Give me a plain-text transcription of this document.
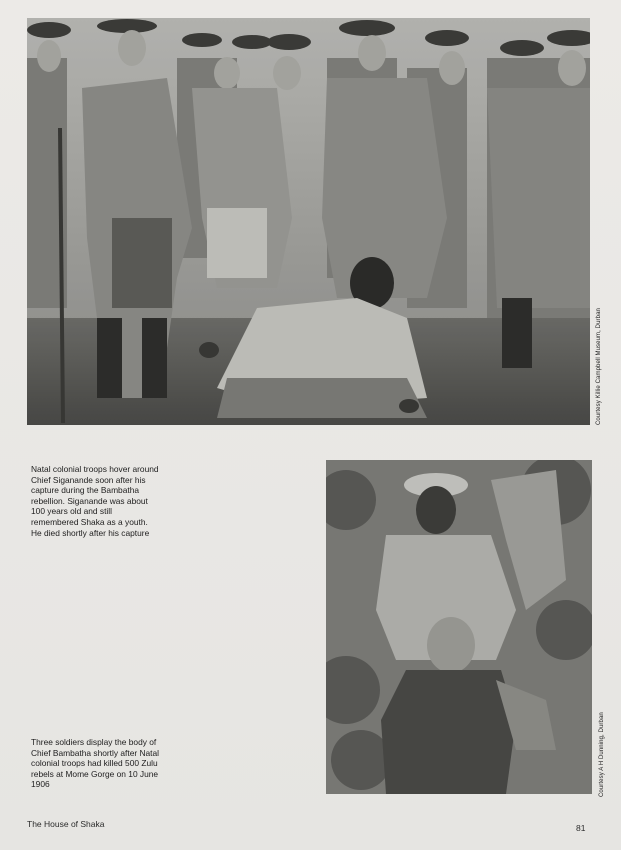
Courtesy Killie Campbell Museum, Durban
Natal colonial troops hover around Chief Siganande soon after his capture during the Bambatha rebellion. Siganande was about 100 years old and still remembered Shaka as a youth. He died shortly after his capture
Courtesy A H Dunning, Durban
Three soldiers display the body of Chief Bambatha shortly after Natal colonial troops had killed 500 Zulu rebels at Mome Gorge on 10 June 1906
The House of Shaka	81
